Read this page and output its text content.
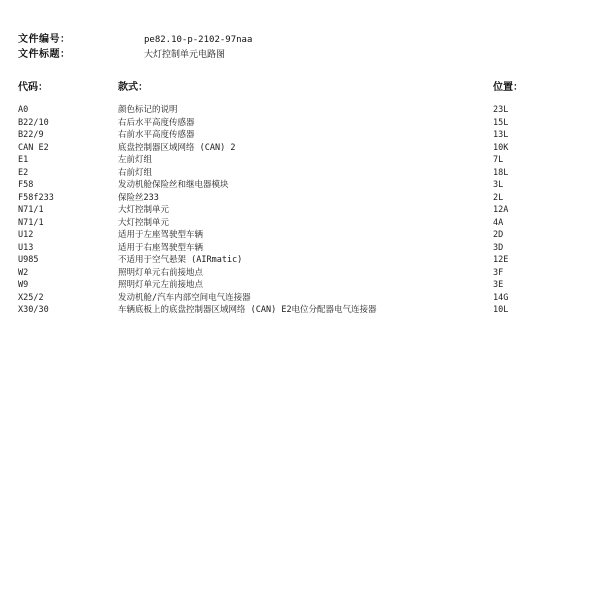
文件编号：	pe82.10-p-2102-97naa
文件标题：	大灯控制单元电路图
代码：	款式：	位置：
A0	颜色标记的说明	23L
B22/10	右后水平高度传感器	15L
B22/9	右前水平高度传感器	13L
CAN E2	底盘控制器区域网络 (CAN) 2	10K
E1	左前灯组	7L
E2	右前灯组	18L
F58	发动机舱保险丝和继电器模块	3L
F58f233	保险丝233	2L
N71/1	大灯控制单元	12A
N71/1	大灯控制单元	4A
U12	适用于左座驾驶型车辆	2D
U13	适用于右座驾驶型车辆	3D
U985	不适用于空气悬架 (AIRmatic)	12E
W2	照明灯单元右前接地点	3F
W9	照明灯单元左前接地点	3E
X25/2	发动机舱/汽车内部空间电气连接器	14G
X30/30	车辆底板上的底盘控制器区域网络 (CAN) E2电位分配器电气连接器	10L
